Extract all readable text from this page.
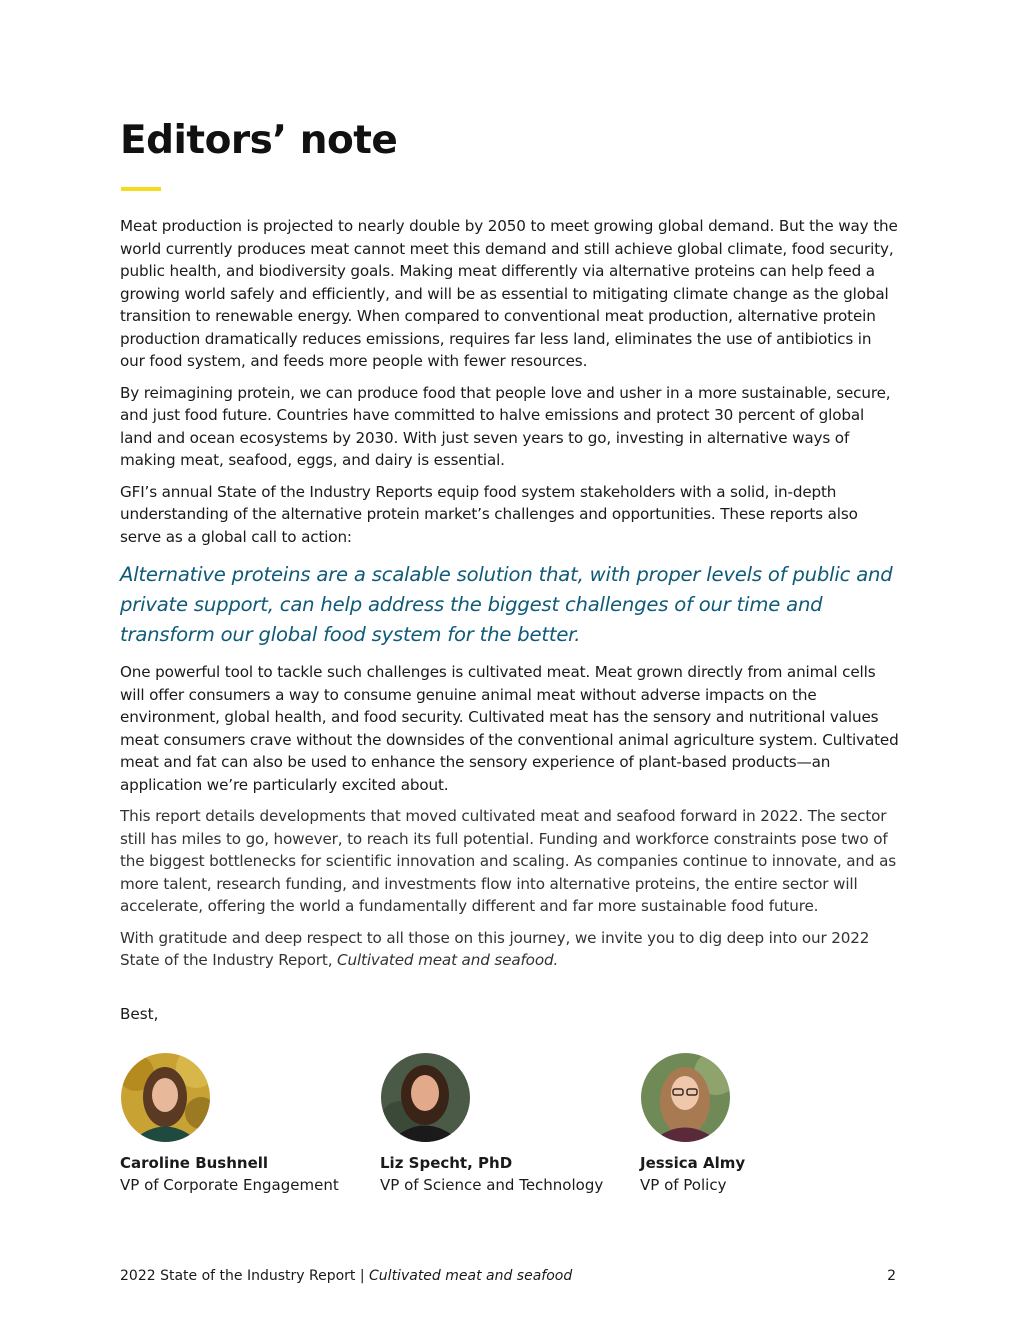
Editors’ note

Meat production is projected to nearly double by 2050 to meet growing global demand. But the way the world currently produces meat cannot meet this demand and still achieve global climate, food security, public health, and biodiversity goals. Making meat differently via alternative proteins can help feed a growing world safely and efficiently, and will be as essential to mitigating climate change as the global transition to renewable energy. When compared to conventional meat production, alternative protein production dramatically reduces emissions, requires far less land, eliminates the use of antibiotics in our food system, and feeds more people with fewer resources.

By reimagining protein, we can produce food that people love and usher in a more sustainable, secure, and just food future. Countries have committed to halve emissions and protect 30 percent of global land and ocean ecosystems by 2030. With just seven years to go, investing in alternative ways of making meat, seafood, eggs, and dairy is essential.

GFI’s annual State of the Industry Reports equip food system stakeholders with a solid, in-depth understanding of the alternative protein market’s challenges and opportunities. These reports also serve as a global call to action:

Alternative proteins are a scalable solution that, with proper levels of public and private support, can help address the biggest challenges of our time and transform our global food system for the better.

One powerful tool to tackle such challenges is cultivated meat. Meat grown directly from animal cells will offer consumers a way to consume genuine animal meat without adverse impacts on the environment, global health, and food security. Cultivated meat has the sensory and nutritional values meat consumers crave without the downsides of the conventional animal agriculture system. Cultivated meat and fat can also be used to enhance the sensory experience of plant-based products—an application we’re particularly excited about.

This report details developments that moved cultivated meat and seafood forward in 2022. The sector still has miles to go, however, to reach its full potential. Funding and workforce constraints pose two of the biggest bottlenecks for scientific innovation and scaling. As companies continue to innovate, and as more talent, research funding, and investments flow into alternative proteins, the entire sector will accelerate, offering the world a fundamentally different and far more sustainable food future.

With gratitude and deep respect to all those on this journey, we invite you to dig deep into our 2022 State of the Industry Report, Cultivated meat and seafood.

Best,
Caroline Bushnell
VP of Corporate Engagement
Liz Specht, PhD
VP of Science and Technology
Jessica Almy
VP of Policy
2022 State of the Industry Report | Cultivated meat and seafood	2
